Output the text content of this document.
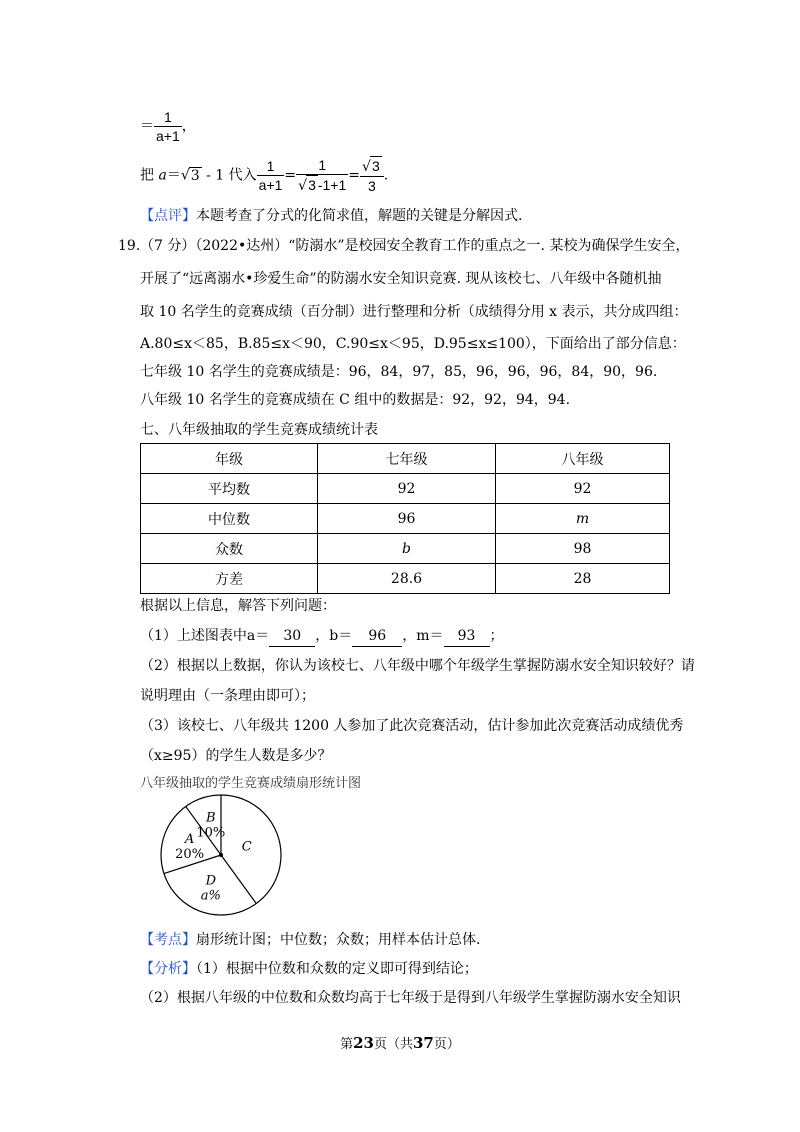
＝ $\frac{1}{a+1}$ ，
把 a＝√3 - 1 代入 $\frac{1}{a+1} = \frac{1}{√3 -1+1} = \frac{√3}{3}$ .
【点评】本题考查了分式的化简求值，解题的关键是分解因式.
19. （7 分）（2022•达州）“防溺水”是校园安全教育工作的重点之一. 某校为确保学生安全，
开展了“远离溺水•珍爱生命”的防溺水安全知识竞赛. 现从该校七、八年级中各随机抽
取 10 名学生的竞赛成绩（百分制）进行整理和分析（成绩得分用 x 表示，共分成四组：
A.80≤x＜85，B.85≤x＜90，C.90≤x＜95，D.95≤x≤100），下面给出了部分信息：
七年级 10 名学生的竞赛成绩是：96，84，97，85，96，96，96，84，90，96.
八年级 10 名学生的竞赛成绩在 C 组中的数据是：92，92，94，94.
七、八年级抽取的学生竞赛成绩统计表
年级	七年级	八年级
平均数	92	92
中位数	96	m
众数	b	98
方差	28.6	28
根据以上信息，解答下列问题：
（1）上述图表中a＝ 30 ，b＝ 96 ，m＝ 93 ；
（2）根据以上数据，你认为该校七、八年级中哪个年级学生掌握防溺水安全知识较好？请
说明理由（一条理由即可）；
（3）该校七、八年级共 1200 人参加了此次竞赛活动，估计参加此次竞赛活动成绩优秀
（x≥95）的学生人数是多少？
八年级抽取的学生竞赛成绩扇形统计图
B
10%
A
20%
D
a%
C
【考点】扇形统计图；中位数；众数；用样本估计总体.
【分析】（1）根据中位数和众数的定义即可得到结论；
（2）根据八年级的中位数和众数均高于七年级于是得到八年级学生掌握防溺水安全知识
第23页（共37页）
